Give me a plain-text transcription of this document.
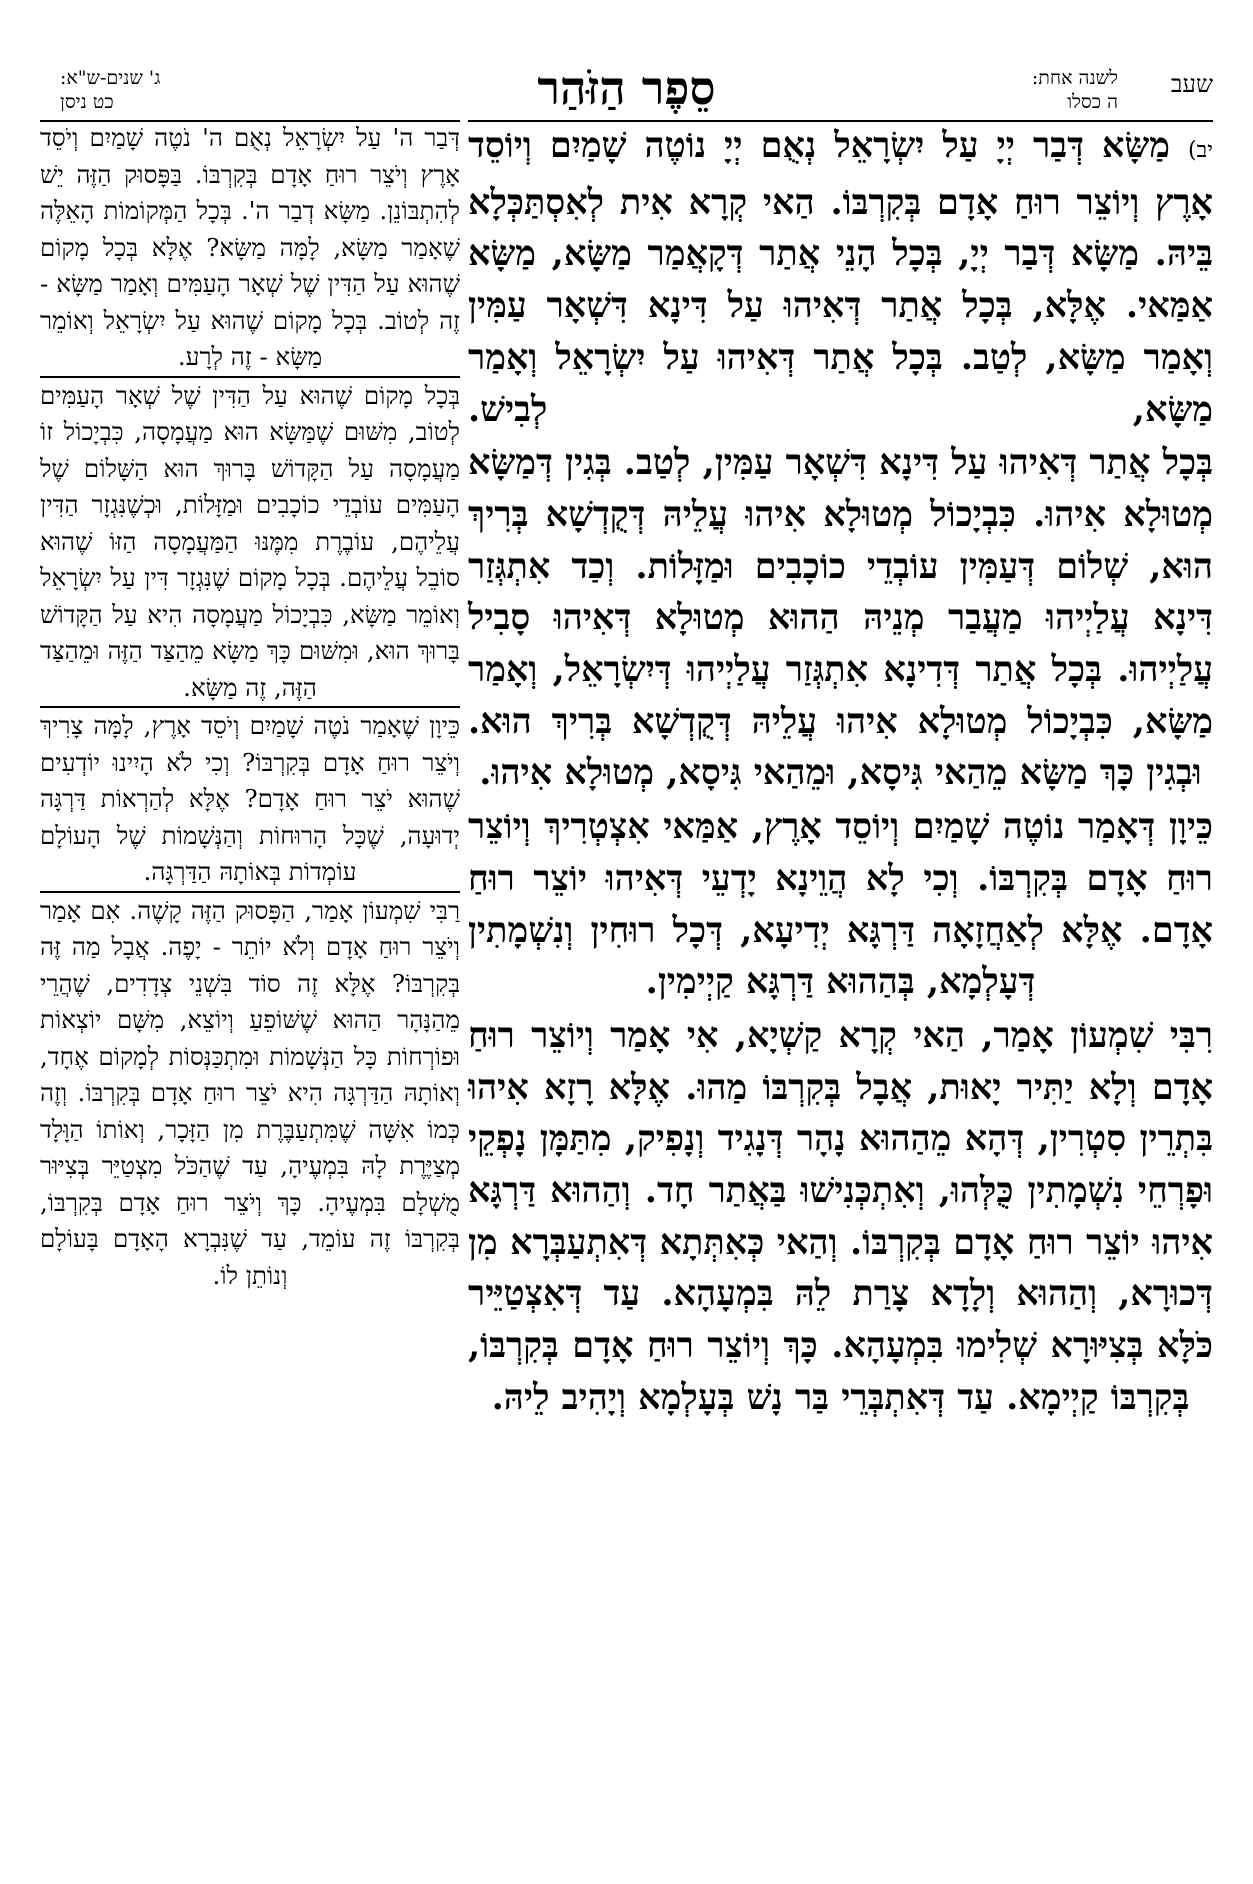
שעב
לשנה אחת:
ה כסלו
סֵפֶר הַזֹּהַר
ג' שנים-ש"א:
כט ניסן

יב) מַשָּׂא דְּבַר יְיָ עַל יִשְׂרָאֵל נְאֻם יְיָ נוֹטֶה שָׁמַיִם וְיוֹסֵד אָרֶץ וְיוֹצֵר רוּחַ אָדָם בְּקִרְבּוֹ. הַאי קְרָא אִית לְאִסְתַּכְּלָא בֵּיהּ. מַשָּׂא דְּבַר יְיָ, בְּכָל הָנֵי אֲתַר דְּקָאֲמַר מַשָּׂא, מַשָּׂא אַמַּאי. אֶלָּא, בְּכָל אֲתַר דְּאִיהוּ עַל דִּינָא דִּשְׁאָר עַמִּין וְאָמַר מַשָּׂא, לְטַב. בְּכָל אֲתַר דְּאִיהוּ עַל יִשְׂרָאֵל וְאָמַר מַשָּׂא, לְבִישׁ.

בְּכָל אֲתַר דְּאִיהוּ עַל דִּינָא דִּשְׁאָר עַמִּין, לְטַב. בְּגִין דְּמַשָּׂא מְטוּלָא אִיהוּ. כִּבְיָכוֹל מְטוּלָא אִיהוּ עֲלֵיהּ דְּקֻדְשָׁא בְּרִיךְ הוּא, שְׁלוֹם דְּעַמִּין עוֹבְדֵי כוֹכָבִים וּמַזָּלוֹת. וְכַד אִתְגְּזַר דִּינָא עֲלַיְיהוּ מַעֲבַר מְנֵיהּ הַהוּא מְטוּלָא דְּאִיהוּ סָבִיל עֲלַיְיהוּ. בְּכָל אֲתַר דְּדִינָא אִתְגְּזַר עֲלַיְיהוּ דְּיִשְׂרָאֵל, וְאָמַר מַשָּׂא, כִּבְיָכוֹל מְטוּלָא אִיהוּ עֲלֵיהּ דְּקֻדְשָׁא בְּרִיךְ הוּא. וּבְגִין כָּךְ מַשָּׂא מֵהַאי גִּיסָא, וּמֵהַאי גִּיסָא, מְטוּלָא אִיהוּ.

כֵּיוָן דְּאָמַר נוֹטֶה שָׁמַיִם וְיוֹסֵד אָרֶץ, אַמַּאי אִצְטְרִיךְ וְיוֹצֵר רוּחַ אָדָם בְּקִרְבּוֹ. וְכִי לָא הֲוֵינָא יָדְעֵי דְּאִיהוּ יוֹצֵר רוּחַ אָדָם. אֶלָּא לְאַחֲזָאָה דַּרְגָּא יְדִיעָא, דְּכָל רוּחִין וְנִשְׁמָתִין דְּעָלְמָא, בְּהַהוּא דַּרְגָּא קַיְימִין.

רִבִּי שִׁמְעוֹן אָמַר, הַאי קְרָא קַשְׁיָא, אִי אָמַר וְיוֹצֵר רוּחַ אָדָם וְלָא יַתִּיר יָאוּת, אֲבָל בְּקִרְבּוֹ מַהוּ. אֶלָּא רָזָא אִיהוּ בִּתְרֵין סִטְרִין, דְּהָא מֵהַהוּא נָהָר דְּנָגִיד וְנָפִיק, מִתַּמָּן נָפְקֵי וּפָרְחֵי נִשְׁמָתִין כֻּלְּהוּ, וְאִתְכְּנִישׁוּ בַּאֲתַר חָד. וְהַהוּא דַּרְגָּא אִיהוּ יוֹצֵר רוּחַ אָדָם בְּקִרְבּוֹ. וְהַאי כְּאִתְּתָא דְּאִתְעַבְּרָא מִן דְּכוּרָא, וְהַהוּא וְלָדָא צָרַת לֵהּ בִּמְעָהָא. עַד דְּאִצְטַיֵּיר כֹּלָּא בְּצִיּוּרָא שְׁלִימוּ בִּמְעָהָא. כָּךְ וְיוֹצֵר רוּחַ אָדָם בְּקִרְבּוֹ, בְּקִרְבּוֹ קַיְימָא. עַד דְּאִתְבְּרֵי בַּר נָשׁ בְּעָלְמָא וְיָהִיב לֵיהּ.

דְּבַר ה' עַל יִשְׂרָאֵל נְאֻם ה' נֹטֶה שָׁמַיִם וְיֹסֵד אָרֶץ וְיֹצֵר רוּחַ אָדָם בְּקִרְבּוֹ. בַּפָּסוּק הַזֶּה יֵשׁ לְהִתְבּוֹנֵן. מַשָּׂא דְבַר ה'. בְּכָל הַמְּקוֹמוֹת הָאֵלֶּה שֶׁאָמַר מַשָּׂא, לָמָּה מַשָּׂא? אֶלָּא בְּכָל מָקוֹם שֶׁהוּא עַל הַדִּין שֶׁל שְׁאָר הָעַמִּים וְאָמַר מַשָּׂא - זֶה לְטוֹב. בְּכָל מָקוֹם שֶׁהוּא עַל יִשְׂרָאֵל וְאוֹמֵר מַשָּׂא - זֶה לְרָע.

בְּכָל מָקוֹם שֶׁהוּא עַל הַדִּין שֶׁל שְׁאָר הָעַמִּים לְטוֹב, מִשּׁוּם שֶׁמַּשָּׂא הוּא מַעֲמָסָה, כִּבְיָכוֹל זוֹ מַעֲמָסָה עַל הַקָּדוֹשׁ בָּרוּךְ הוּא הַשָּׁלוֹם שֶׁל הָעַמִּים עוֹבְדֵי כוֹכָבִים וּמַזָּלוֹת, וּכְשֶׁנִּגְזָר הַדִּין עֲלֵיהֶם, עוֹבֶרֶת מִמֶּנּוּ הַמַּעֲמָסָה הַזּוֹ שֶׁהוּא סוֹבֵל עֲלֵיהֶם. בְּכָל מָקוֹם שֶׁנִּגְזָר דִּין עַל יִשְׂרָאֵל וְאוֹמֵר מַשָּׂא, כִּבְיָכוֹל מַעֲמָסָה הִיא עַל הַקָּדוֹשׁ בָּרוּךְ הוּא, וּמִשּׁוּם כָּךְ מַשָּׂא מֵהַצַּד הַזֶּה וּמֵהַצַּד הַזֶּה, זֶה מַשָּׂא.

כֵּיוָן שֶׁאָמַר נֹטֶה שָׁמַיִם וְיֹסֵד אָרֶץ, לָמָּה צָרִיךְ וְיֹצֵר רוּחַ אָדָם בְּקִרְבּוֹ? וְכִי לֹא הָיִינוּ יוֹדְעִים שֶׁהוּא יֹצֵר רוּחַ אָדָם? אֶלָּא לְהַרְאוֹת דַּרְגָּה יְדוּעָה, שֶׁכָּל הָרוּחוֹת וְהַנְּשָׁמוֹת שֶׁל הָעוֹלָם עוֹמְדוֹת בְּאוֹתָהּ הַדַּרְגָּה.

רַבִּי שִׁמְעוֹן אָמַר, הַפָּסוּק הַזֶּה קָשֶׁה. אִם אָמַר וְיֹצֵר רוּחַ אָדָם וְלֹא יוֹתֵר - יָפֶה. אֲבָל מַה זֶּה בְּקִרְבּוֹ? אֶלָּא זֶה סוֹד בִּשְׁנֵי צְדָדִים, שֶׁהֲרֵי מֵהַנָּהָר הַהוּא שֶׁשּׁוֹפֵעַ וְיוֹצֵא, מִשָּׁם יוֹצְאוֹת וּפוֹרְחוֹת כָּל הַנְּשָׁמוֹת וּמִתְכַּנְּסוֹת לְמָקוֹם אֶחָד, וְאוֹתָהּ הַדַּרְגָּה הִיא יֹצֵר רוּחַ אָדָם בְּקִרְבּוֹ. וְזֶה כְּמוֹ אִשָּׁה שֶׁמִּתְעַבֶּרֶת מִן הַזָּכָר, וְאוֹתוֹ הַוָּלָד מְצַיֶּרֶת לָהּ בִּמְעֶיהָ, עַד שֶׁהַכֹּל מִצְטַיֵּר בְּצִיּוּר מֻשְׁלָם בִּמְעֶיהָ. כָּךְ וְיֹצֵר רוּחַ אָדָם בְּקִרְבּוֹ, בְּקִרְבּוֹ זֶה עוֹמֵד, עַד שֶׁנִּבְרָא הָאָדָם בָּעוֹלָם וְנוֹתֵן לוֹ.
